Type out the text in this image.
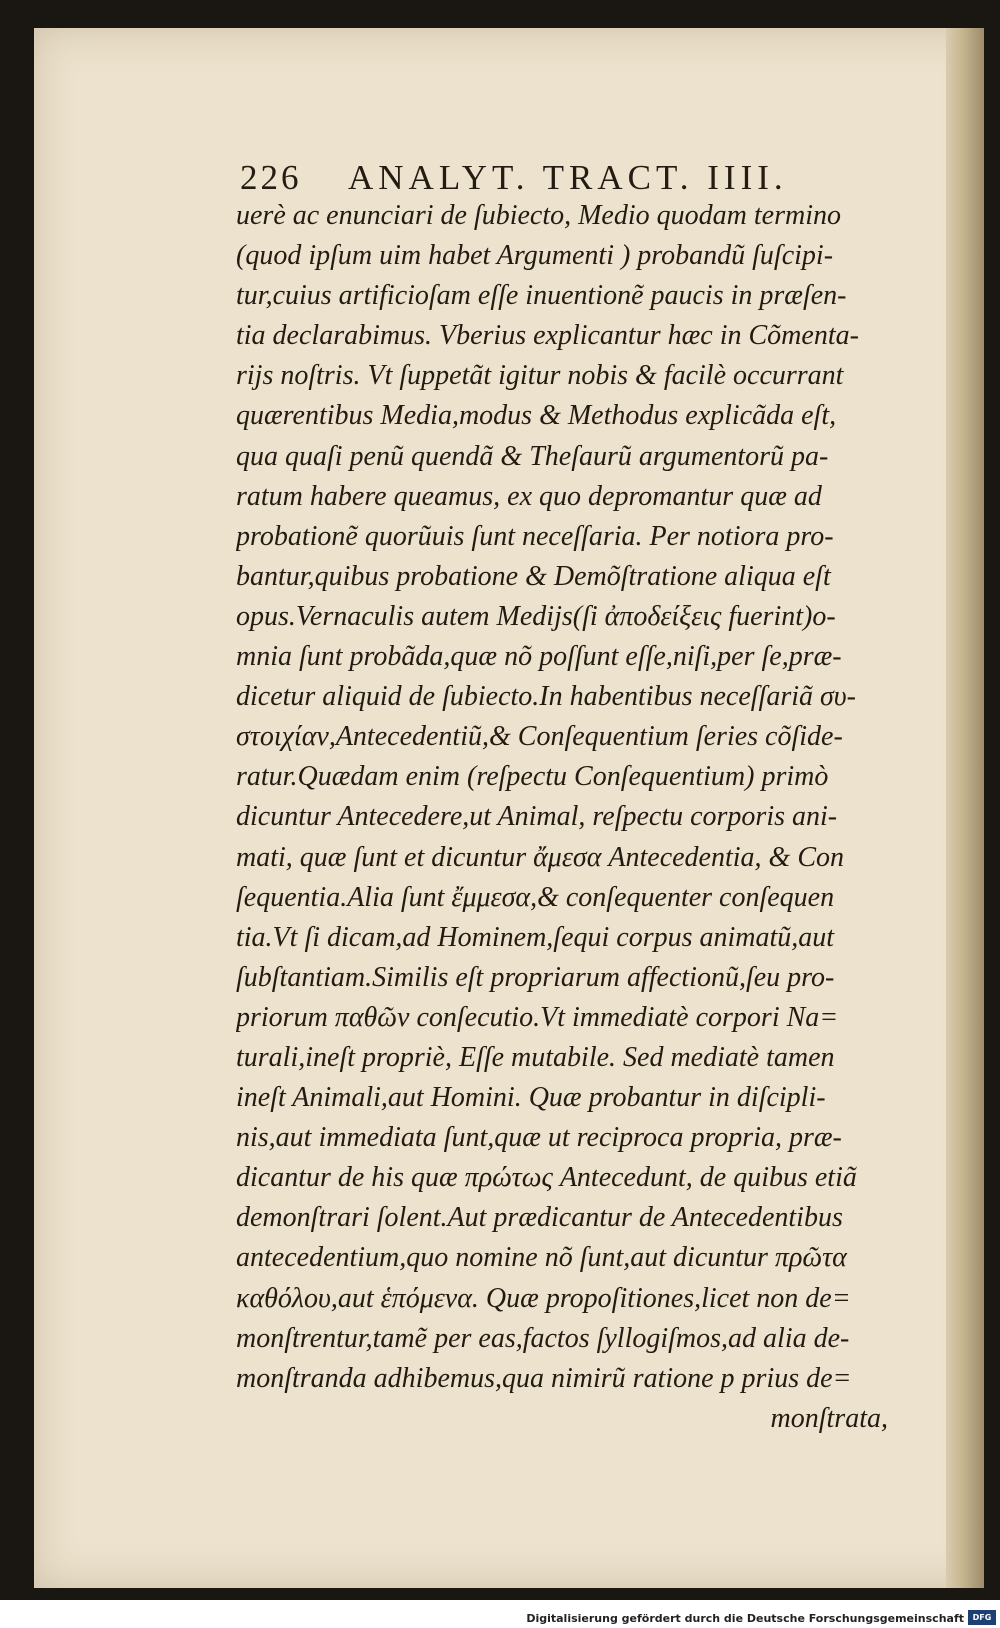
226 ANALYT. TRACT. IIII.
uerè ac enunciari de ſubiecto, Medio quodam termino
(quod ipſum uim habet Argumenti ) probandũ ſuſcipi-
tur,cuius artificioſam eſſe inuentionẽ paucis in præſen-
tia declarabimus. Vberius explicantur hæc in Cõmenta-
rijs noſtris. Vt ſuppetãt igitur nobis & facilè occurrant
quærentibus Media,modus & Methodus explicãda eſt,
qua quaſi penũ quendã & Theſaurũ argumentorũ pa-
ratum habere queamus, ex quo depromantur quæ ad
probationẽ quorũuis ſunt neceſſaria. Per notiora pro-
bantur,quibus probatione & Demõſtratione aliqua eſt
opus.Vernaculis autem Medijs(ſi ἀποδείξεις fuerint)o-
mnia ſunt probãda,quæ nõ poſſunt eſſe,niſi,per ſe,præ-
dicetur aliquid de ſubiecto.In habentibus neceſſariã συ-
στοιχίαν,Antecedentiũ,& Conſequentium ſeries cõſide-
ratur.Quædam enim (reſpectu Conſequentium) primò
dicuntur Antecedere,ut Animal, reſpectu corporis ani-
mati, quæ ſunt et dicuntur ἄμεσα Antecedentia, & Con
ſequentia.Alia ſunt ἔμμεσα,& conſequenter conſequen
tia.Vt ſi dicam,ad Hominem,ſequi corpus animatũ,aut
ſubſtantiam.Similis eſt propriarum affectionũ,ſeu pro-
priorum παθῶν conſecutio.Vt immediatè corpori Na=
turali,ineſt propriè, Eſſe mutabile. Sed mediatè tamen
ineſt Animali,aut Homini. Quæ probantur in diſcipli-
nis,aut immediata ſunt,quæ ut reciproca propria, præ-
dicantur de his quæ πρώτως Antecedunt, de quibus etiã
demonſtrari ſolent.Aut prædicantur de Antecedentibus
antecedentium,quo nomine nõ ſunt,aut dicuntur πρῶτα
καθόλου,aut ἑπόμενα. Quæ propoſitiones,licet non de=
monſtrentur,tamẽ per eas,factos ſyllogiſmos,ad alia de-
monſtranda adhibemus,qua nimirũ ratione p prius de=
monſtrata,
Digitalisierung gefördert durch die Deutsche Forschungsgemeinschaft	DFG
